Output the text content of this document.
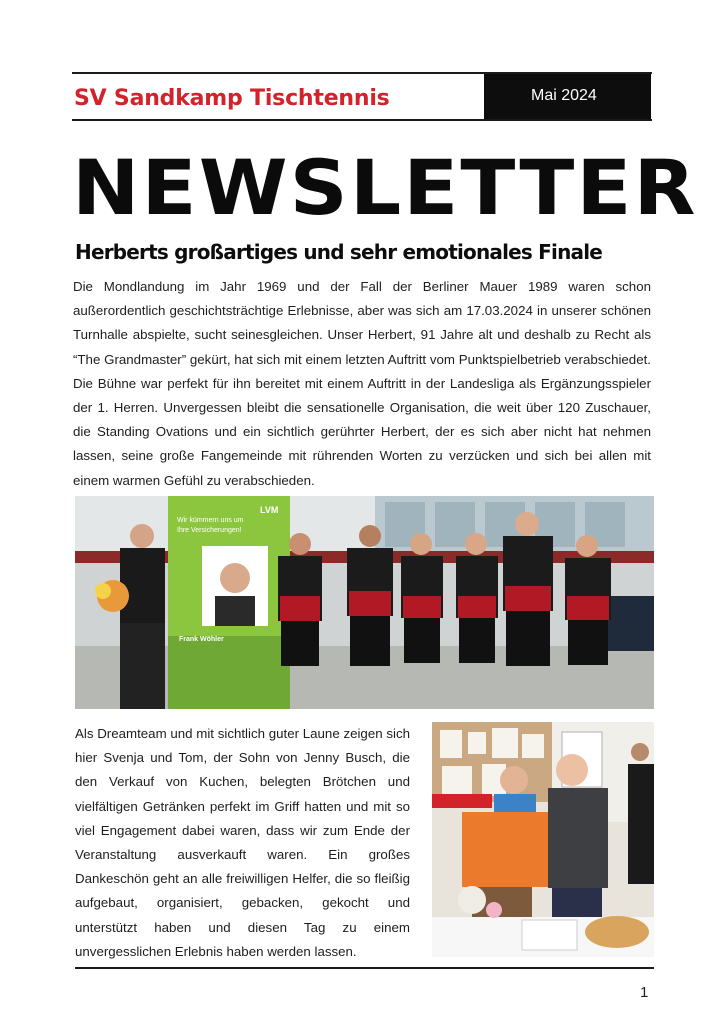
SV Sandkamp Tischtennis	Mai 2024
NEWSLETTER
Herberts großartiges und sehr emotionales Finale
Die Mondlandung im Jahr 1969 und der Fall der Berliner Mauer 1989 waren schon außerordentlich geschichtsträchtige Erlebnisse, aber was sich am 17.03.2024 in unserer schönen Turnhalle abspielte, sucht seinesgleichen. Unser Herbert, 91 Jahre alt und deshalb zu Recht als “The Grandmaster” gekürt, hat sich mit einem letzten Auftritt vom Punktspielbetrieb verabschiedet. Die Bühne war perfekt für ihn bereitet mit einem Auftritt in der Landesliga als Ergänzungsspieler der 1. Herren. Unvergessen bleibt die sensationelle Organisation, die weit über 120 Zuschauer, die Standing Ovations und ein sichtlich gerührter Herbert, der es sich aber nicht hat nehmen lassen, seine große Fangemeinde mit rührenden Worten zu verzücken und sich bei allen mit einem warmen Gefühl zu verabschieden.
Wir kümmern uns um
Ihre Versicherungen!
LVM
Frank Wöhler
Als Dreamteam und mit sichtlich guter Laune zeigen sich hier Svenja und Tom, der Sohn von Jenny Busch, die den Verkauf von Kuchen, belegten Brötchen und vielfältigen Getränken perfekt im Griff hatten und mit so viel Engagement dabei waren, dass wir zum Ende der Veranstaltung ausverkauft waren. Ein großes Dankeschön geht an alle freiwilligen Helfer, die so fleißig aufgebaut, organisiert, gebacken, gekocht und unterstützt haben und diesen Tag zu einem unvergesslichen Erlebnis haben werden lassen.
1
